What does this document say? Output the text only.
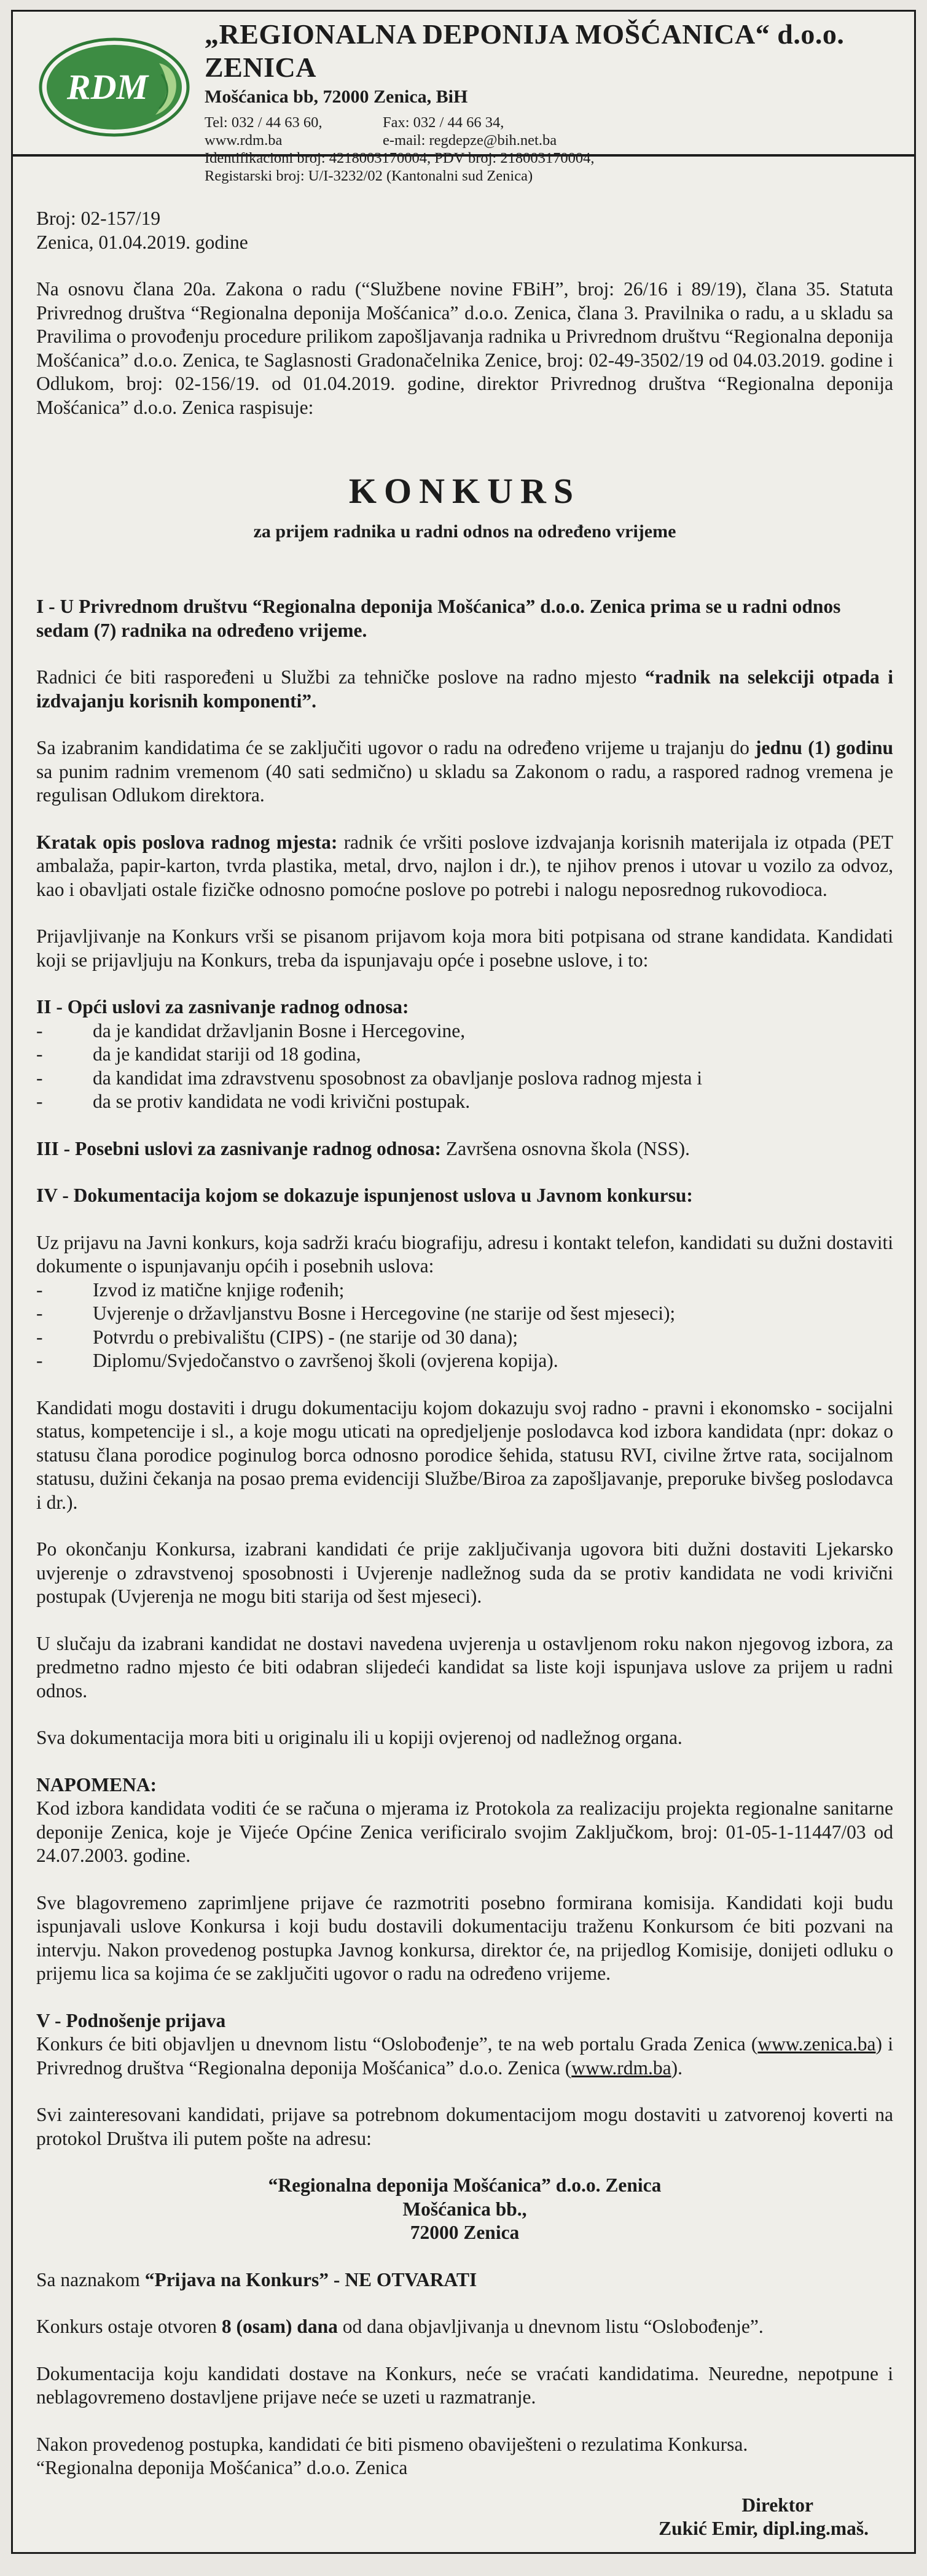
RDM

„REGIONALNA DEPONIJA MOŠĆANICA“ d.o.o. ZENICA

Mošćanica bb, 72000 Zenica, BiH

Tel: 032 / 44 63 60,	Fax: 032 / 44 66 34,
www.rdm.ba	e-mail: regdepze@bih.net.ba
Identifikacioni broj: 4218003170004, PDV broj: 218003170004,
Registarski broj: U/I-3232/02 (Kantonalni sud Zenica)

Broj: 02-157/19

Zenica, 01.04.2019. godine

Na osnovu člana 20a. Zakona o radu (“Službene novine FBiH”, broj: 26/16 i 89/19), člana 35. Statuta Privrednog društva “Regionalna deponija Mošćanica” d.o.o. Zenica, člana 3. Pravilnika o radu, a u skladu sa Pravilima o provođenju procedure prilikom zapošljavanja radnika u Privrednom društvu “Regionalna deponija Mošćanica” d.o.o. Zenica, te Saglasnosti Gradonačelnika Zenice, broj: 02-49-3502/19 od 04.03.2019. godine i Odlukom, broj: 02-156/19. od 01.04.2019. godine, direktor Privrednog društva “Regionalna deponija Mošćanica” d.o.o. Zenica raspisuje:

KONKURS

za prijem radnika u radni odnos na određeno vrijeme

I - U Privrednom društvu “Regionalna deponija Mošćanica” d.o.o. Zenica prima se u radni odnos sedam (7) radnika na određeno vrijeme.

Radnici će biti raspoređeni u Službi za tehničke poslove na radno mjesto “radnik na selekciji otpada i izdvajanju korisnih komponenti”.

Sa izabranim kandidatima će se zaključiti ugovor o radu na određeno vrijeme u trajanju do jednu (1) godinu sa punim radnim vremenom (40 sati sedmično) u skladu sa Zakonom o radu, a raspored radnog vremena je regulisan Odlukom direktora.

Kratak opis poslova radnog mjesta: radnik će vršiti poslove izdvajanja korisnih materijala iz otpada (PET ambalaža, papir-karton, tvrda plastika, metal, drvo, najlon i dr.), te njihov prenos i utovar u vozilo za odvoz, kao i obavljati ostale fizičke odnosno pomoćne poslove po potrebi i nalogu neposrednog rukovodioca.

Prijavljivanje na Konkurs vrši se pisanom prijavom koja mora biti potpisana od strane kandidata. Kandidati koji se prijavljuju na Konkurs, treba da ispunjavaju opće i posebne uslove, i to:

II - Opći uslovi za zasnivanje radnog odnosa:

- da je kandidat državljanin Bosne i Hercegovine,
- da je kandidat stariji od 18 godina,
- da kandidat ima zdravstvenu sposobnost za obavljanje poslova radnog mjesta i
- da se protiv kandidata ne vodi krivični postupak.

III - Posebni uslovi za zasnivanje radnog odnosa: Završena osnovna škola (NSS).

IV - Dokumentacija kojom se dokazuje ispunjenost uslova u Javnom konkursu:

Uz prijavu na Javni konkurs, koja sadrži kraću biografiju, adresu i kontakt telefon, kandidati su dužni dostaviti dokumente o ispunjavanju općih i posebnih uslova:

- Izvod iz matične knjige rođenih;
- Uvjerenje o državljanstvu Bosne i Hercegovine (ne starije od šest mjeseci);
- Potvrdu o prebivalištu (CIPS) - (ne starije od 30 dana);
- Diplomu/Svjedočanstvo o završenoj školi (ovjerena kopija).

Kandidati mogu dostaviti i drugu dokumentaciju kojom dokazuju svoj radno - pravni i ekonomsko - socijalni status, kompetencije i sl., a koje mogu uticati na opredjeljenje poslodavca kod izbora kandidata (npr: dokaz o statusu člana porodice poginulog borca odnosno porodice šehida, statusu RVI, civilne žrtve rata, socijalnom statusu, dužini čekanja na posao prema evidenciji Službe/Biroa za zapošljavanje, preporuke bivšeg poslodavca i dr.).

Po okončanju Konkursa, izabrani kandidati će prije zaključivanja ugovora biti dužni dostaviti Ljekarsko uvjerenje o zdravstvenoj sposobnosti i Uvjerenje nadležnog suda da se protiv kandidata ne vodi krivični postupak (Uvjerenja ne mogu biti starija od šest mjeseci).

U slučaju da izabrani kandidat ne dostavi navedena uvjerenja u ostavljenom roku nakon njegovog izbora, za predmetno radno mjesto će biti odabran slijedeći kandidat sa liste koji ispunjava uslove za prijem u radni odnos.

Sva dokumentacija mora biti u originalu ili u kopiji ovjerenoj od nadležnog organa.

NAPOMENA:

Kod izbora kandidata voditi će se računa o mjerama iz Protokola za realizaciju projekta regionalne sanitarne deponije Zenica, koje je Vijeće Općine Zenica verificiralo svojim Zaključkom, broj: 01-05-1-11447/03 od 24.07.2003. godine.

Sve blagovremeno zaprimljene prijave će razmotriti posebno formirana komisija. Kandidati koji budu ispunjavali uslove Konkursa i koji budu dostavili dokumentaciju traženu Konkursom će biti pozvani na intervju. Nakon provedenog postupka Javnog konkursa, direktor će, na prijedlog Komisije, donijeti odluku o prijemu lica sa kojima će se zaključiti ugovor o radu na određeno vrijeme.

V - Podnošenje prijava

Konkurs će biti objavljen u dnevnom listu “Oslobođenje”, te na web portalu Grada Zenica (www.zenica.ba) i Privrednog društva “Regionalna deponija Mošćanica” d.o.o. Zenica (www.rdm.ba).

Svi zainteresovani kandidati, prijave sa potrebnom dokumentacijom mogu dostaviti u zatvorenoj koverti na protokol Društva ili putem pošte na adresu:

“Regionalna deponija Mošćanica” d.o.o. Zenica

Mošćanica bb.,

72000 Zenica

Sa naznakom “Prijava na Konkurs” - NE OTVARATI

Konkurs ostaje otvoren 8 (osam) dana od dana objavljivanja u dnevnom listu “Oslobođenje”.

Dokumentacija koju kandidati dostave na Konkurs, neće se vraćati kandidatima. Neuredne, nepotpune i neblagovremeno dostavljene prijave neće se uzeti u razmatranje.

Nakon provedenog postupka, kandidati će biti pismeno obaviješteni o rezulatima Konkursa.

“Regionalna deponija Mošćanica” d.o.o. Zenica

Direktor

Zukić Emir, dipl.ing.maš.
